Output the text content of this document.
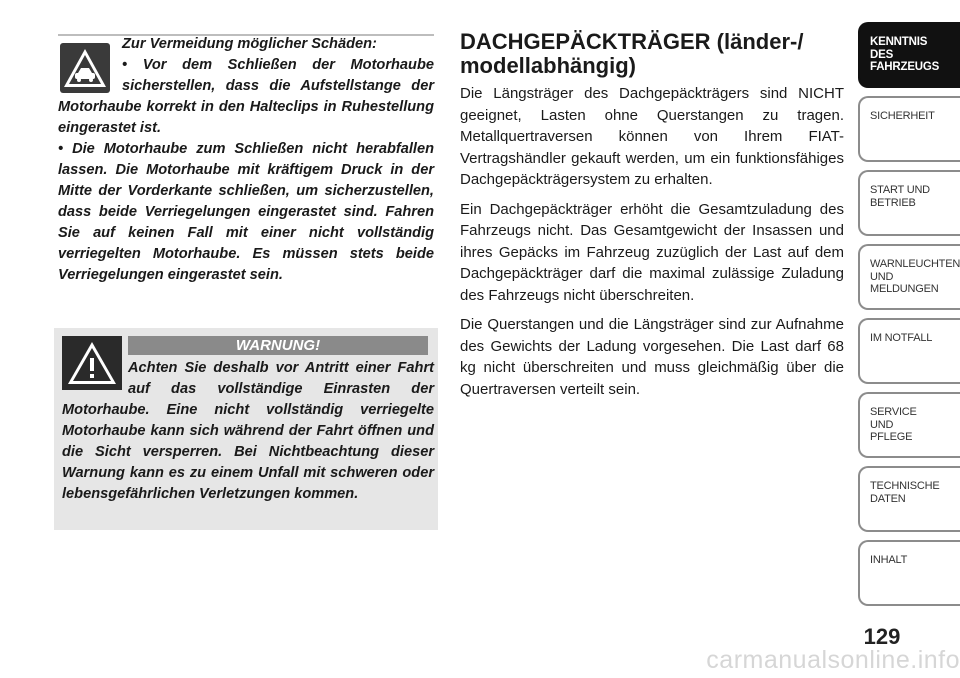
Zur Vermeidung möglicher Schäden:

• Vor dem Schließen der Motorhaube sicherstellen, dass die Aufstellstange der Motorhaube korrekt in den Halteclips in Ruhestellung eingerastet ist.

• Die Motorhaube zum Schließen nicht herabfallen lassen. Die Motorhaube mit kräftigem Druck in der Mitte der Vorderkante schließen, um sicherzustellen, dass beide Verriegelungen eingerastet sind. Fahren Sie auf keinen Fall mit einer nicht vollständig verriegelten Motorhaube. Es müssen stets beide Verriegelungen eingerastet sein.

WARNUNG!

Achten Sie deshalb vor Antritt einer Fahrt auf das vollständige Einrasten der Motorhaube. Eine nicht vollständig verriegelte Motorhaube kann sich während der Fahrt öffnen und die Sicht versperren. Bei Nichtbeachtung dieser Warnung kann es zu einem Unfall mit schweren oder lebensgefährlichen Verletzungen kommen.

DACHGEPÄCKTRÄGER (länder-/ modellabhängig)

Die Längsträger des Dachgepäckträgers sind NICHT geeignet, Lasten ohne Querstangen zu tragen. Metallquertraversen können von Ihrem FIAT-Vertragshändler gekauft werden, um ein funktionsfähiges Dachgepäckträgersystem zu erhalten.

Ein Dachgepäckträger erhöht die Gesamtzuladung des Fahrzeugs nicht. Das Gesamtgewicht der Insassen und ihres Gepäcks im Fahrzeug zuzüglich der Last auf dem Dachgepäckträger darf die maximal zulässige Zuladung des Fahrzeugs nicht überschreiten.

Die Querstangen und die Längsträger sind zur Aufnahme des Gewichts der Ladung vorgesehen. Die Last darf 68 kg nicht überschreiten und muss gleichmäßig über die Quertraversen verteilt sein.

KENNTNIS
DES
FAHRZEUGS
SICHERHEIT
START UND
BETRIEB
WARNLEUCHTEN
UND
MELDUNGEN
IM NOTFALL
SERVICE
UND
PFLEGE
TECHNISCHE
DATEN
INHALT
129
carmanualsonline.info
